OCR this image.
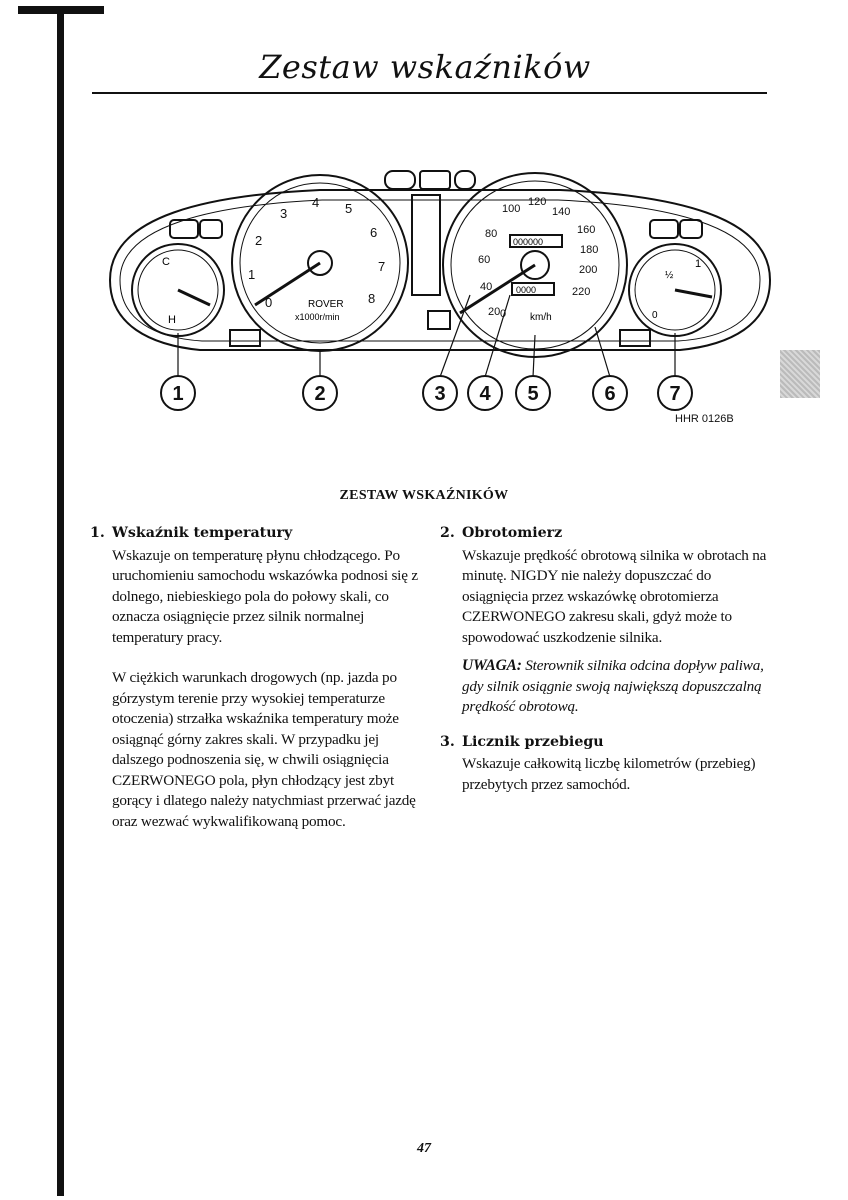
Zestaw wskaźników
0
1
2
3
4 5
6
7
8
ROVER
x1000r/min	20
40
60
80
100
120
140
160
180
200
220
0 km/h
000000
0000
C
H	0
½
1
1	2	3 4 5	6	7
HHR 0126B
ZESTAW WSKAŹNIKÓW
1. Wskaźnik temperatury

Wskazuje on temperaturę płynu chłodzącego. Po uruchomieniu samochodu wskazówka podnosi się z dolnego, niebieskiego pola do połowy skali, co oznacza osiągnięcie przez silnik normalnej temperatury pracy.

W ciężkich warunkach drogowych (np. jazda po górzystym terenie przy wysokiej temperaturze otoczenia) strzałka wskaźnika temperatury może osiągnąć górny zakres skali. W przypadku jej dalszego podnoszenia się, w chwili osiągnięcia CZERWONEGO pola, płyn chłodzący jest zbyt gorący i dlatego należy natychmiast przerwać jazdę oraz wezwać wykwalifikowaną pomoc.

2. Obrotomierz

Wskazuje prędkość obrotową silnika w obrotach na minutę. NIGDY nie należy dopuszczać do osiągnięcia przez wskazówkę obrotomierza CZERWONEGO zakresu skali, gdyż może to spowodować uszkodzenie silnika.

UWAGA: Sterownik silnika odcina dopływ paliwa, gdy silnik osiągnie swoją największą dopuszczalną prędkość obrotową.

3. Licznik przebiegu

Wskazuje całkowitą liczbę kilometrów (przebieg) przebytych przez samochód.

47
